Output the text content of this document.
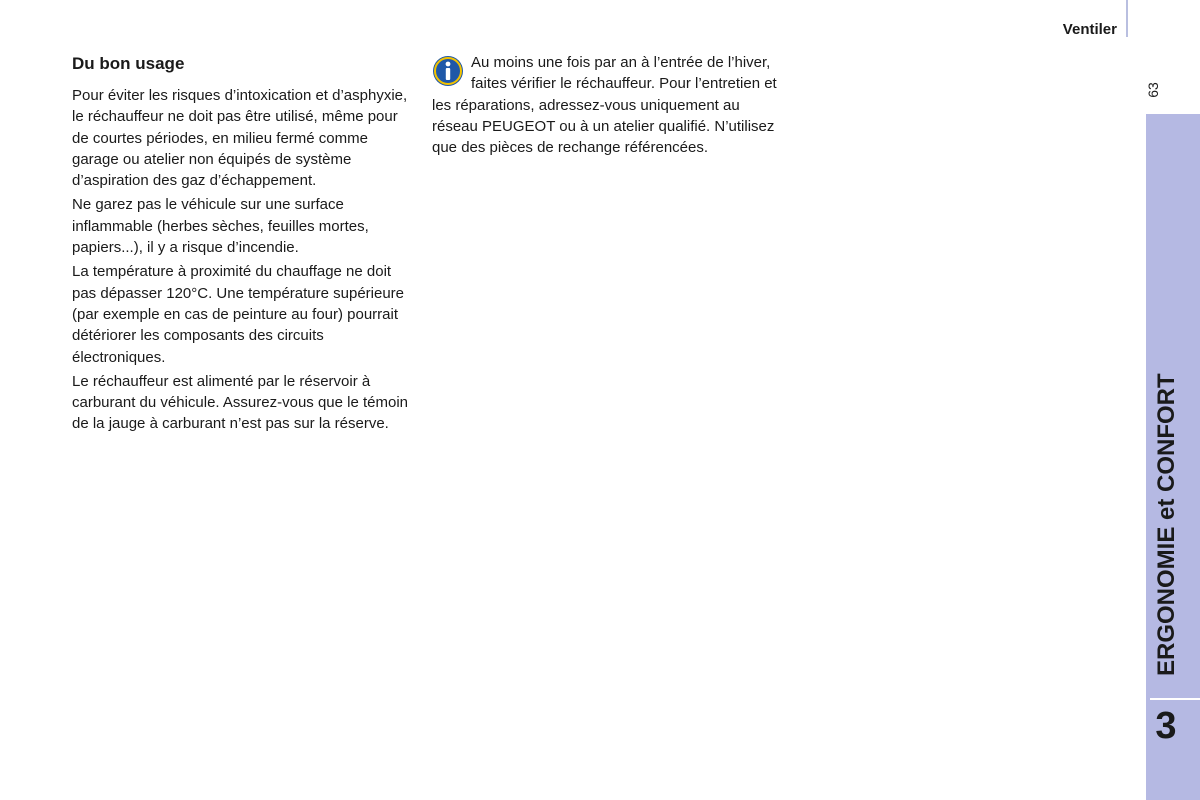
Ventiler
63
ERGONOMIE et CONFORT
3
Du bon usage

Pour éviter les risques d’intoxication et d’asphyxie, le réchauffeur ne doit pas être utilisé, même pour de courtes périodes, en milieu fermé comme garage ou atelier non équipés de système d’aspiration des gaz d’échappement.

Ne garez pas le véhicule sur une surface inflammable (herbes sèches, feuilles mortes, papiers...), il y a risque d’incendie.

La température à proximité du chauffage ne doit pas dépasser 120°C. Une température supérieure (par exemple en cas de peinture au four) pourrait détériorer les composants des circuits électroniques.

Le réchauffeur est alimenté par le réservoir à carburant du véhicule. Assurez-vous que le témoin de la jauge à carburant n’est pas sur la réserve.

Au moins une fois par an à l’entrée de l’hiver, faites vérifier le réchauffeur. Pour l’entretien et les réparations, adressez-vous uniquement au réseau PEUGEOT ou à un atelier qualifié. N’utilisez que des pièces de rechange référencées.
